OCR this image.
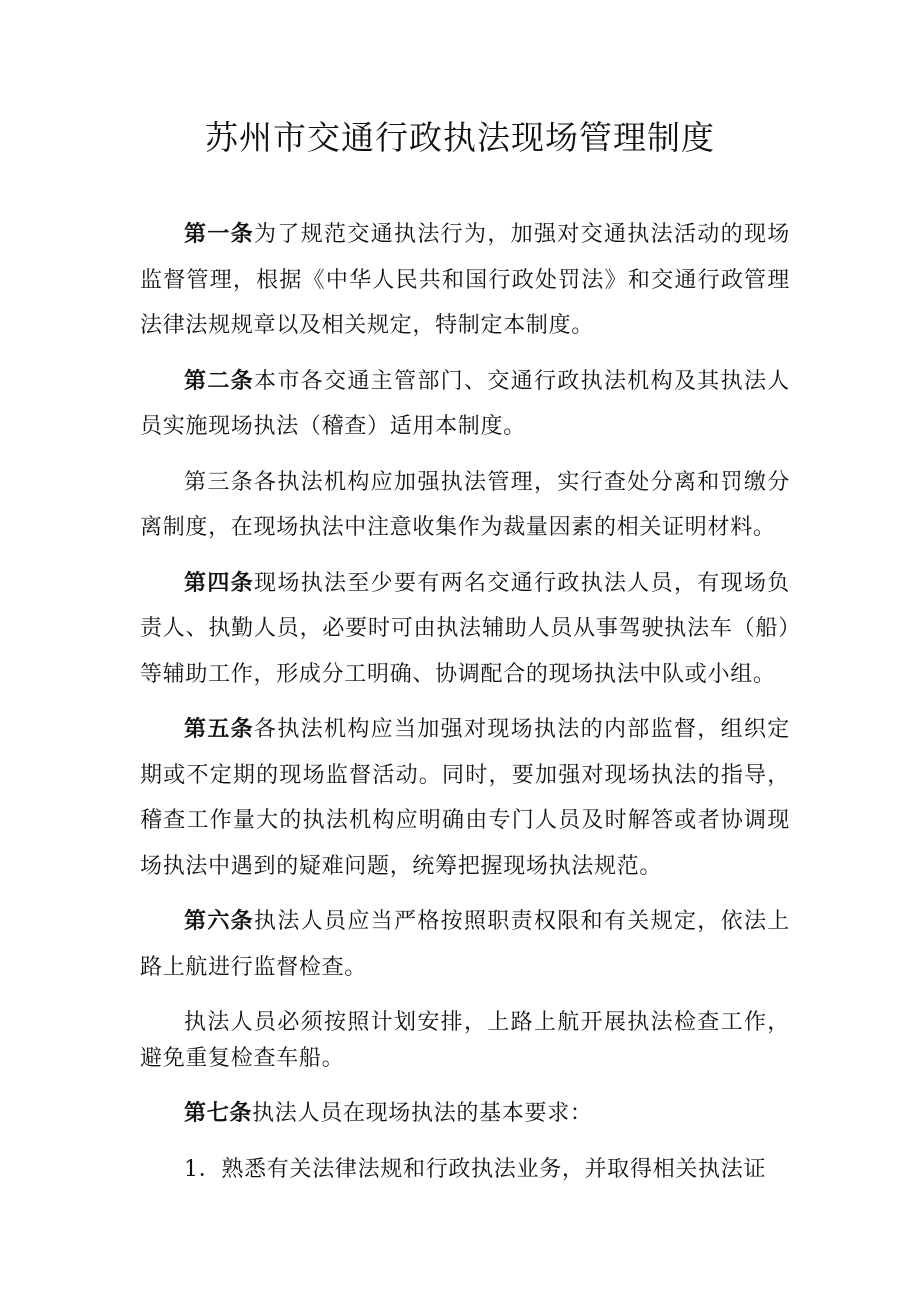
苏州市交通行政执法现场管理制度

第一条为了规范交通执法行为，加强对交通执法活动的现场监督管理，根据《中华人民共和国行政处罚法》和交通行政管理法律法规规章以及相关规定，特制定本制度。

第二条本市各交通主管部门、交通行政执法机构及其执法人员实施现场执法（稽查）适用本制度。

第三条各执法机构应加强执法管理，实行查处分离和罚缴分离制度，在现场执法中注意收集作为裁量因素的相关证明材料。

第四条现场执法至少要有两名交通行政执法人员，有现场负责人、执勤人员，必要时可由执法辅助人员从事驾驶执法车（船）等辅助工作，形成分工明确、协调配合的现场执法中队或小组。

第五条各执法机构应当加强对现场执法的内部监督，组织定期或不定期的现场监督活动。同时，要加强对现场执法的指导，稽查工作量大的执法机构应明确由专门人员及时解答或者协调现场执法中遇到的疑难问题，统筹把握现场执法规范。

第六条执法人员应当严格按照职责权限和有关规定，依法上路上航进行监督检查。

执法人员必须按照计划安排，上路上航开展执法检查工作，避免重复检查车船。

第七条执法人员在现场执法的基本要求：

1．熟悉有关法律法规和行政执法业务，并取得相关执法证
